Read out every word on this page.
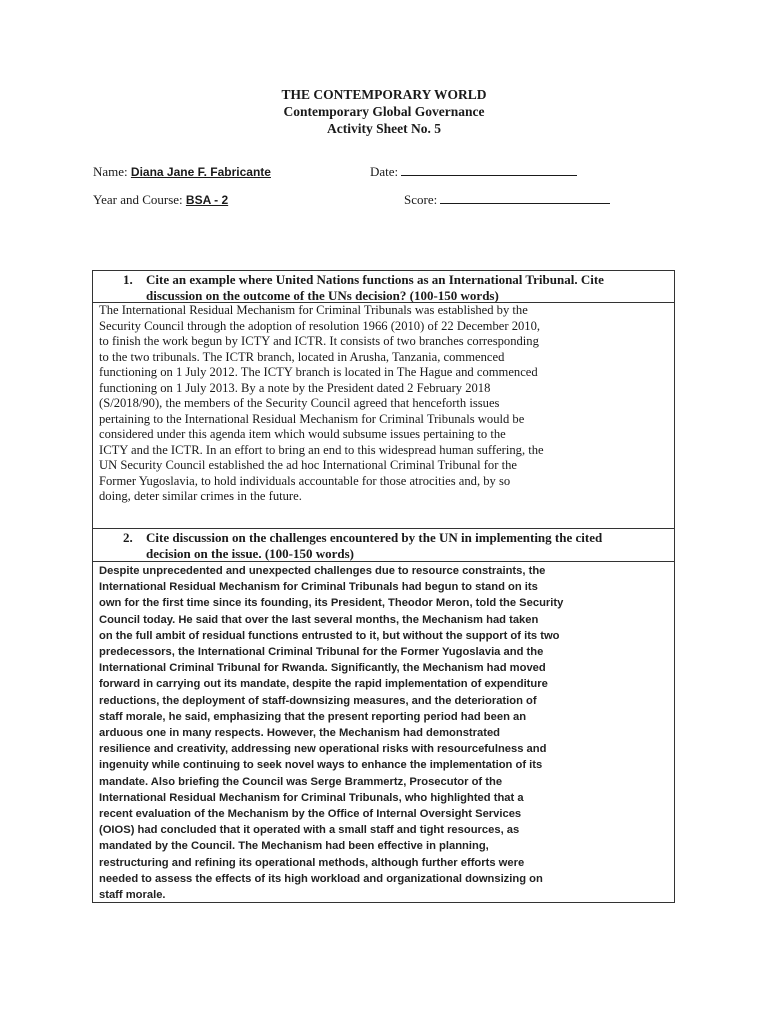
THE CONTEMPORARY WORLD
Contemporary Global Governance
Activity Sheet No. 5
Name: Diana Jane F. Fabricante	Date:
Year and Course: BSA - 2	Score:
1. Cite an example where United Nations functions as an International Tribunal. Cite
discussion on the outcome of the UNs decision? (100-150 words)
2. Cite discussion on the challenges encountered by the UN in implementing the cited
decision on the issue. (100-150 words)
The International Residual Mechanism for Criminal Tribunals was established by the
Security Council through the adoption of resolution 1966 (2010) of 22 December 2010,
to finish the work begun by ICTY and ICTR. It consists of two branches corresponding
to the two tribunals. The ICTR branch, located in Arusha, Tanzania, commenced
functioning on 1 July 2012. The ICTY branch is located in The Hague and commenced
functioning on 1 July 2013. By a note by the President dated 2 February 2018
(S/2018/90), the members of the Security Council agreed that henceforth issues
pertaining to the International Residual Mechanism for Criminal Tribunals would be
considered under this agenda item which would subsume issues pertaining to the
ICTY and the ICTR. In an effort to bring an end to this widespread human suffering, the
UN Security Council established the ad hoc International Criminal Tribunal for the
Former Yugoslavia, to hold individuals accountable for those atrocities and, by so
doing, deter similar crimes in the future.
Despite unprecedented and unexpected challenges due to resource constraints, the
International Residual Mechanism for Criminal Tribunals had begun to stand on its
own for the first time since its founding, its President, Theodor Meron, told the Security
Council today. He said that over the last several months, the Mechanism had taken
on the full ambit of residual functions entrusted to it, but without the support of its two
predecessors, the International Criminal Tribunal for the Former Yugoslavia and the
International Criminal Tribunal for Rwanda. Significantly, the Mechanism had moved
forward in carrying out its mandate, despite the rapid implementation of expenditure
reductions, the deployment of staff-downsizing measures, and the deterioration of
staff morale, he said, emphasizing that the present reporting period had been an
arduous one in many respects. However, the Mechanism had demonstrated
resilience and creativity, addressing new operational risks with resourcefulness and
ingenuity while continuing to seek novel ways to enhance the implementation of its
mandate. Also briefing the Council was Serge Brammertz, Prosecutor of the
International Residual Mechanism for Criminal Tribunals, who highlighted that a
recent evaluation of the Mechanism by the Office of Internal Oversight Services
(OIOS) had concluded that it operated with a small staff and tight resources, as
mandated by the Council. The Mechanism had been effective in planning,
restructuring and refining its operational methods, although further efforts were
needed to assess the effects of its high workload and organizational downsizing on
staff morale.
